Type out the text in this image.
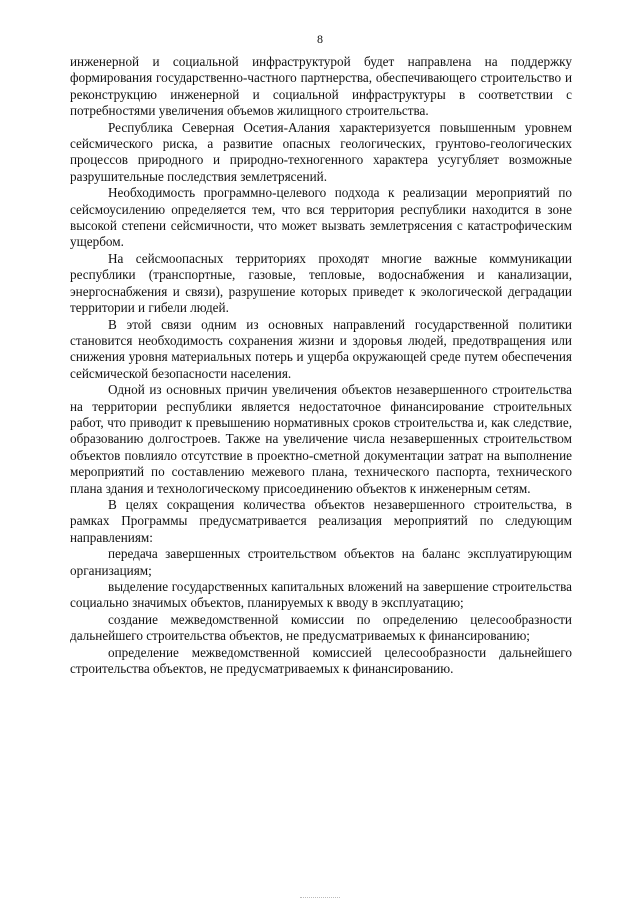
8

инженерной и социальной инфраструктурой будет направлена на поддержку формирования государственно-частного партнерства, обеспечивающего строительство и реконструкцию инженерной и социальной инфраструктуры в соответствии с потребностями увеличения объемов жилищного строительства.

Республика Северная Осетия-Алания характеризуется повышенным уровнем сейсмического риска, а развитие опасных геологических, грунтово-геологических процессов природного и природно-техногенного характера усугубляет возможные разрушительные последствия землетрясений.

Необходимость программно-целевого подхода к реализации мероприятий по сейсмоусилению определяется тем, что вся территория республики находится в зоне высокой степени сейсмичности, что может вызвать землетрясения с катастрофическим ущербом.

На сейсмоопасных территориях проходят многие важные коммуникации республики (транспортные, газовые, тепловые, водоснабжения и канализации, энергоснабжения и связи), разрушение которых приведет к экологической деградации территории и гибели людей.

В этой связи одним из основных направлений государственной политики становится необходимость сохранения жизни и здоровья людей, предотвращения или снижения уровня материальных потерь и ущерба окружающей среде путем обеспечения сейсмической безопасности населения.

Одной из основных причин увеличения объектов незавершенного строительства на территории республики является недостаточное финансирование строительных работ, что приводит к превышению нормативных сроков строительства и, как следствие, образованию долгостроев. Также на увеличение числа незавершенных строительством объектов повлияло отсутствие в проектно-сметной документации затрат на выполнение мероприятий по составлению межевого плана, технического паспорта, технического плана здания и технологическому присоединению объектов к инженерным сетям.

В целях сокращения количества объектов незавершенного строительства, в рамках Программы предусматривается реализация мероприятий по следующим направлениям:

передача завершенных строительством объектов на баланс эксплуатирующим организациям;

выделение государственных капитальных вложений на завершение строительства социально значимых объектов, планируемых к вводу в эксплуатацию;

создание межведомственной комиссии по определению целесообразности дальнейшего строительства объектов, не предусматриваемых к финансированию;

определение межведомственной комиссией целесообразности дальнейшего строительства объектов, не предусматриваемых к финансированию.
